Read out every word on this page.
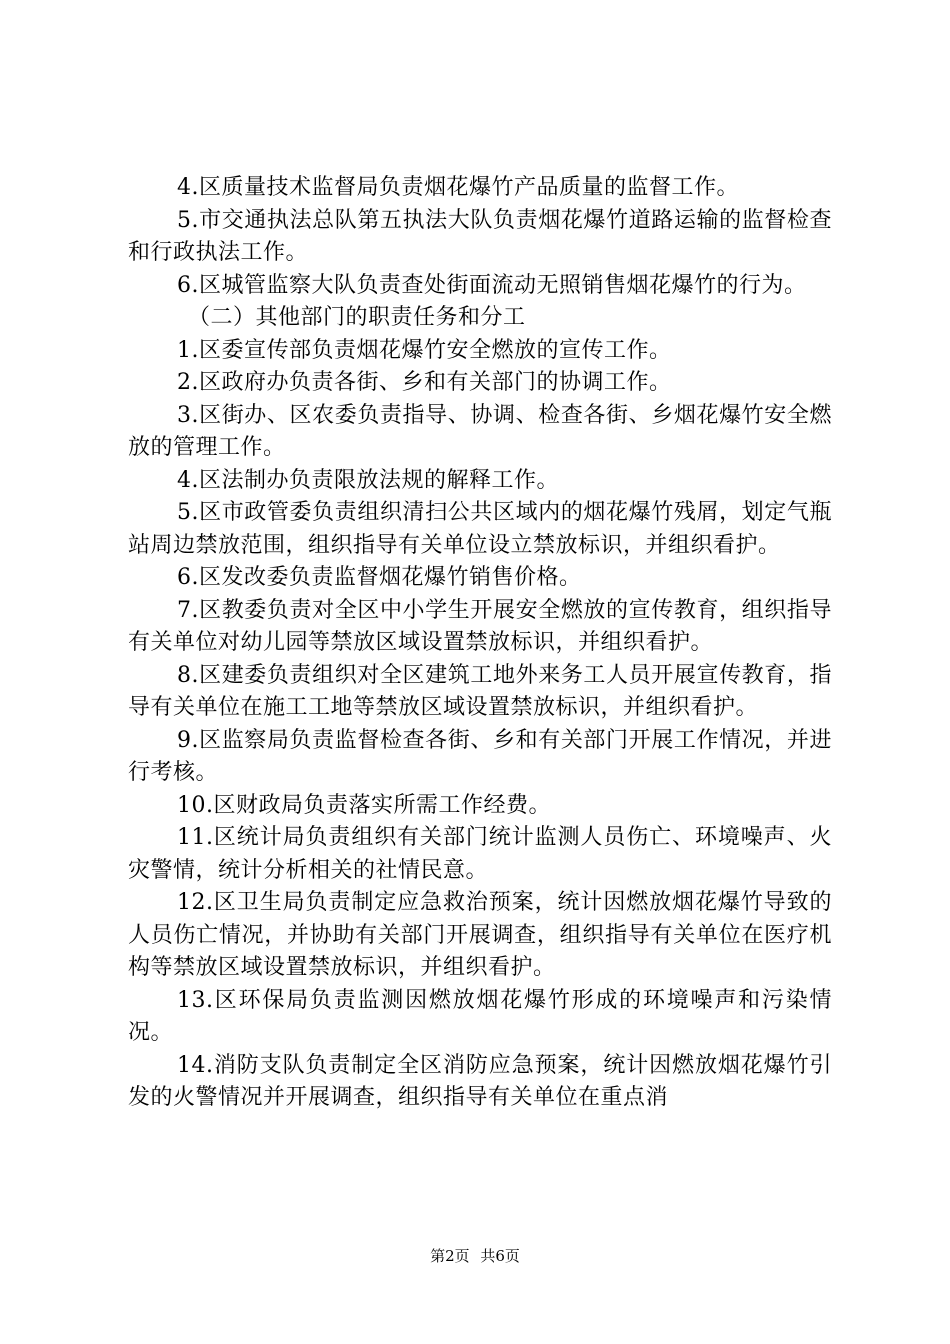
4.区质量技术监督局负责烟花爆竹产品质量的监督工作。

5.市交通执法总队第五执法大队负责烟花爆竹道路运输的监督检查和行政执法工作。

6.区城管监察大队负责查处街面流动无照销售烟花爆竹的行为。

（二）其他部门的职责任务和分工

1.区委宣传部负责烟花爆竹安全燃放的宣传工作。

2.区政府办负责各街、乡和有关部门的协调工作。

3.区街办、区农委负责指导、协调、检查各街、乡烟花爆竹安全燃放的管理工作。

4.区法制办负责限放法规的解释工作。

5.区市政管委负责组织清扫公共区域内的烟花爆竹残屑，划定气瓶站周边禁放范围，组织指导有关单位设立禁放标识，并组织看护。

6.区发改委负责监督烟花爆竹销售价格。

7.区教委负责对全区中小学生开展安全燃放的宣传教育，组织指导有关单位对幼儿园等禁放区域设置禁放标识，并组织看护。

8.区建委负责组织对全区建筑工地外来务工人员开展宣传教育，指导有关单位在施工工地等禁放区域设置禁放标识，并组织看护。

9.区监察局负责监督检查各街、乡和有关部门开展工作情况，并进行考核。

10.区财政局负责落实所需工作经费。

11.区统计局负责组织有关部门统计监测人员伤亡、环境噪声、火灾警情，统计分析相关的社情民意。

12.区卫生局负责制定应急救治预案，统计因燃放烟花爆竹导致的人员伤亡情况，并协助有关部门开展调查，组织指导有关单位在医疗机构等禁放区域设置禁放标识，并组织看护。

13.区环保局负责监测因燃放烟花爆竹形成的环境噪声和污染情况。

14.消防支队负责制定全区消防应急预案，统计因燃放烟花爆竹引发的火警情况并开展调查，组织指导有关单位在重点消

第2页 共6页
